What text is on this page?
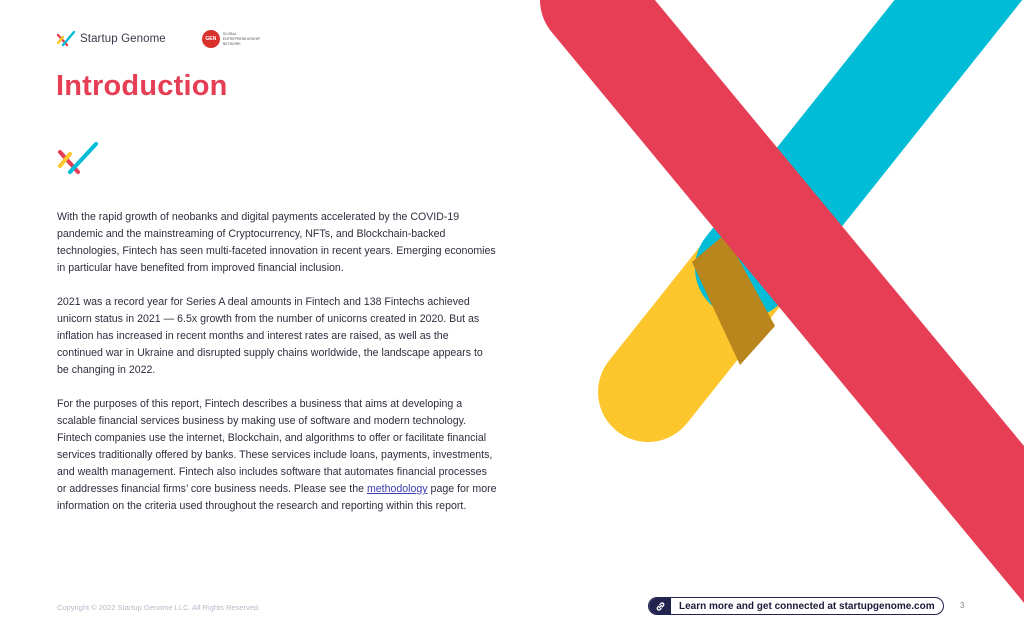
Startup Genome	GEN
GLOBAL
ENTREPRENEURSHIP
NETWORK
Introduction

With the rapid growth of neobanks and digital payments accelerated by the COVID-19 pandemic and the mainstreaming of Cryptocurrency, NFTs, and Blockchain-backed technologies, Fintech has seen multi-faceted innovation in recent years. Emerging economies in particular have benefited from improved financial inclusion.

2021 was a record year for Series A deal amounts in Fintech and 138 Fintechs achieved unicorn status in 2021 — 6.5x growth from the number of unicorns created in 2020. But as inflation has increased in recent months and interest rates are raised, as well as the continued war in Ukraine and disrupted supply chains worldwide, the landscape appears to be changing in 2022.

For the purposes of this report, Fintech describes a business that aims at developing a scalable financial services business by making use of software and modern technology. Fintech companies use the internet, Blockchain, and algorithms to offer or facilitate financial services traditionally offered by banks. These services include loans, payments, investments, and wealth management. Fintech also includes software that automates financial processes or addresses financial firms’ core business needs. Please see the methodology page for more information on the criteria used throughout the research and reporting within this report.

Copyright © 2022 Startup Genome LLC. All Rights Reserved.	Learn more and get connected at startupgenome.com	3
